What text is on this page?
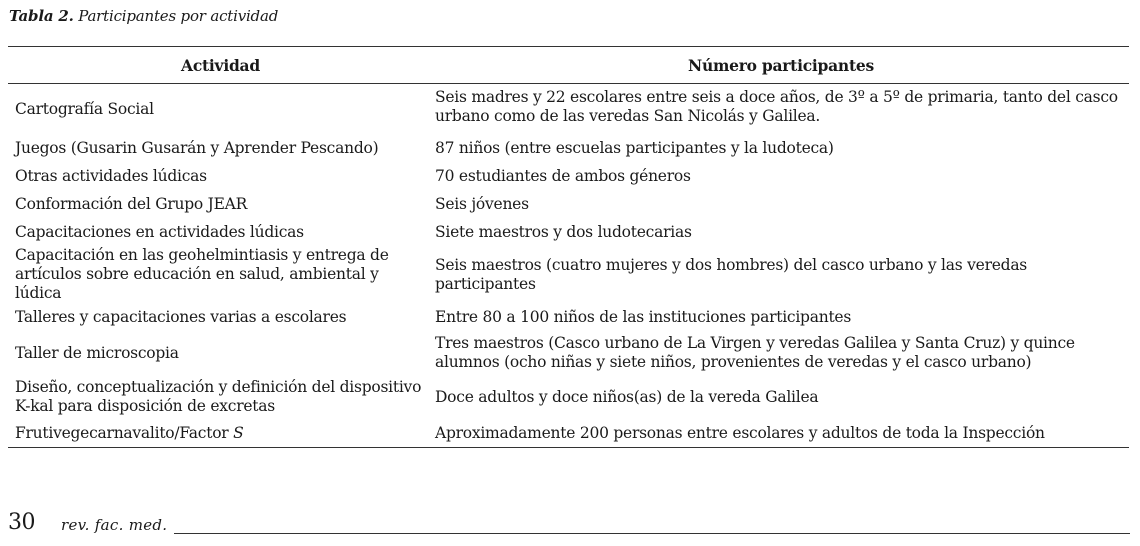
Tabla 2. Participantes por actividad
Actividad	Número participantes
Cartografía Social	Seis madres y 22 escolares entre seis a doce años, de 3º a 5º de primaria, tanto del casco urbano como de las veredas San Nicolás y Galilea.
Juegos (Gusarin Gusarán y Aprender Pescando)	87 niños (entre escuelas participantes y la ludoteca)
Otras actividades lúdicas	70 estudiantes de ambos géneros
Conformación del Grupo JEAR	Seis jóvenes
Capacitaciones en actividades lúdicas	Siete maestros y dos ludotecarias
Capacitación en las geohelmintiasis y entrega de artículos sobre educación en salud, ambiental y lúdica	Seis maestros (cuatro mujeres y dos hombres) del casco urbano y las veredas participantes
Talleres y capacitaciones varias a escolares	Entre 80 a 100 niños de las instituciones participantes
Taller de microscopia	Tres maestros (Casco urbano de La Virgen y veredas Galilea y Santa Cruz) y quince alumnos (ocho niñas y siete niños, provenientes de veredas y el casco urbano)
Diseño, conceptualización y definición del dispositivo K-kal para disposición de excretas	Doce adultos y doce niños(as) de la vereda Galilea
Frutivegecarnavalito/Factor S	Aproximadamente 200 personas entre escolares y adultos de toda la Inspección
30 rev. fac. med.
